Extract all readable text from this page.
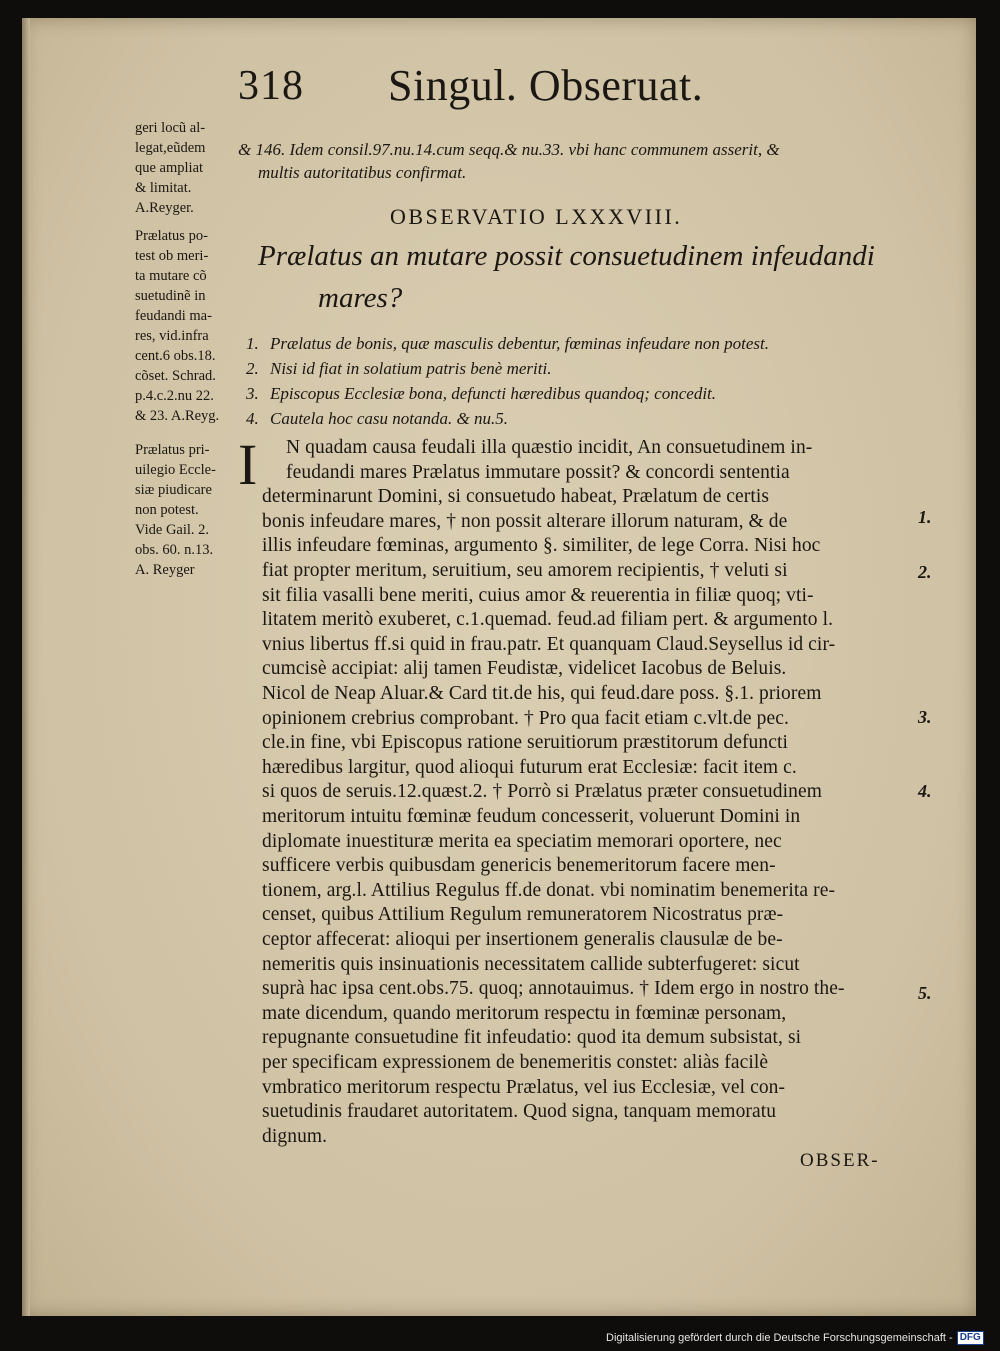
318 Singul. Obseruat.
geri locũ al-
legat,eũdem
que ampliat
& limitat.
A.Reyger.
Prælatus po-
test ob meri-
ta mutare cõ
suetudinẽ in
feudandi ma-
res, vid.infra
cent.6 obs.18.
cõset. Schrad.
p.4.c.2.nu 22.
& 23. A.Reyg.
Prælatus pri-
uilegio Eccle-
siæ piudicare
non potest.
Vide Gail. 2.
obs. 60. n.13.
A. Reyger
& 146. Idem consil.97.nu.14.cum seqq.& nu.33. vbi hanc communem asserit, &
multis autoritatibus confirmat.
OBSERVATIO LXXXVIII.
Prælatus an mutare possit consuetudinem infeudandi
mares?
1. Prælatus de bonis, quæ masculis debentur, fœminas infeudare non potest.
2. Nisi id fiat in solatium patris benè meriti.
3. Episcopus Ecclesiæ bona, defuncti hæredibus quandoq; concedit.
4. Cautela hoc casu notanda. & nu.5.
I N quadam causa feudali illa quæstio incidit, An consuetudinem in-
feudandi mares Prælatus immutare possit? & concordi sententia
determinarunt Domini, si consuetudo habeat, Prælatum de certis
bonis infeudare mares, † non possit alterare illorum naturam, & de
illis infeudare fœminas, argumento §. similiter, de lege Corra. Nisi hoc
fiat propter meritum, seruitium, seu amorem recipientis, † veluti si
sit filia vasalli bene meriti, cuius amor & reuerentia in filiæ quoq; vti-
litatem meritò exuberet, c.1.quemad. feud.ad filiam pert. & argumento l.
vnius libertus ff.si quid in frau.patr. Et quanquam Claud.Seysellus id cir-
cumcisè accipiat: alij tamen Feudistæ, videlicet Iacobus de Beluis.
Nicol de Neap Aluar.& Card tit.de his, qui feud.dare poss. §.1. priorem
opinionem crebrius comprobant. † Pro qua facit etiam c.vlt.de pec.
cle.in fine, vbi Episcopus ratione seruitiorum præstitorum defuncti
hæredibus largitur, quod alioqui futurum erat Ecclesiæ: facit item c.
si quos de seruis.12.quæst.2. † Porrò si Prælatus præter consuetudinem
meritorum intuitu fœminæ feudum concesserit, voluerunt Domini in
diplomate inuestituræ merita ea speciatim memorari oportere, nec
sufficere verbis quibusdam genericis benemeritorum facere men-
tionem, arg.l. Attilius Regulus ff.de donat. vbi nominatim benemerita re-
censet, quibus Attilium Regulum remuneratorem Nicostratus præ-
ceptor affecerat: alioqui per insertionem generalis clausulæ de be-
nemeritis quis insinuationis necessitatem callide subterfugeret: sicut
suprà hac ipsa cent.obs.75. quoq; annotauimus. † Idem ergo in nostro the-
mate dicendum, quando meritorum respectu in fœminæ personam,
repugnante consuetudine fit infeudatio: quod ita demum subsistat, si
per specificam expressionem de benemeritis constet: aliàs facilè
vmbratico meritorum respectu Prælatus, vel ius Ecclesiæ, vel con-
suetudinis fraudaret autoritatem. Quod signa, tanquam memoratu
dignum.
1.
2.
3.
4.
5.
OBSER-
Digitalisierung gefördert durch die Deutsche Forschungsgemeinschaft - DFG
